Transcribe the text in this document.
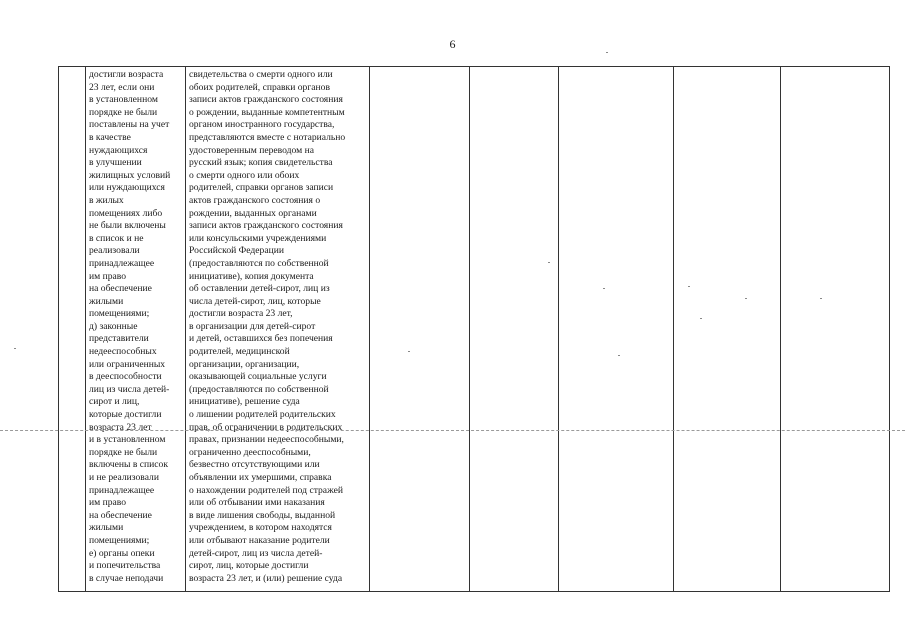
6

достигли возраста
23 лет, если они
в установленном
порядке не были
поставлены на учет
в качестве
нуждающихся
в улучшении
жилищных условий
или нуждающихся
в жилых
помещениях либо
не были включены
в список и не
реализовали
принадлежащее
им право
на обеспечение
жилыми
помещениями;
д) законные
представители
недееспособных
или ограниченных
в дееспособности
лиц из числа детей-
сирот и лиц,
которые достигли
возраста 23 лет
и в установленном
порядке не были
включены в список
и не реализовали
принадлежащее
им право
на обеспечение
жилыми
помещениями;
е) органы опеки
и попечительства
в случае неподачи

свидетельства о смерти одного или
обоих родителей, справки органов
записи актов гражданского состояния
о рождении, выданные компетентным
органом иностранного государства,
представляются вместе с нотариально
удостоверенным переводом на
русский язык; копия свидетельства
о смерти одного или обоих
родителей, справки органов записи
актов гражданского состояния о
рождении, выданных органами
записи актов гражданского состояния
или консульскими учреждениями
Российской Федерации
(предоставляются по собственной
инициативе), копия документа
об оставлении детей-сирот, лиц из
числа детей-сирот, лиц, которые
достигли возраста 23 лет,
в организации для детей-сирот
и детей, оставшихся без попечения
родителей, медицинской
организации, организации,
оказывающей социальные услуги
(предоставляются по собственной
инициативе), решение суда
о лишении родителей родительских
прав, об ограничении в родительских
правах, признании недееспособными,
ограниченно дееспособными,
безвестно отсутствующими или
объявлении их умершими, справка
о нахождении родителей под стражей
или об отбывании ими наказания
в виде лишения свободы, выданной
учреждением, в котором находятся
или отбывают наказание родители
детей-сирот, лиц из числа детей-
сирот, лиц, которые достигли
возраста 23 лет, и (или) решение суда
